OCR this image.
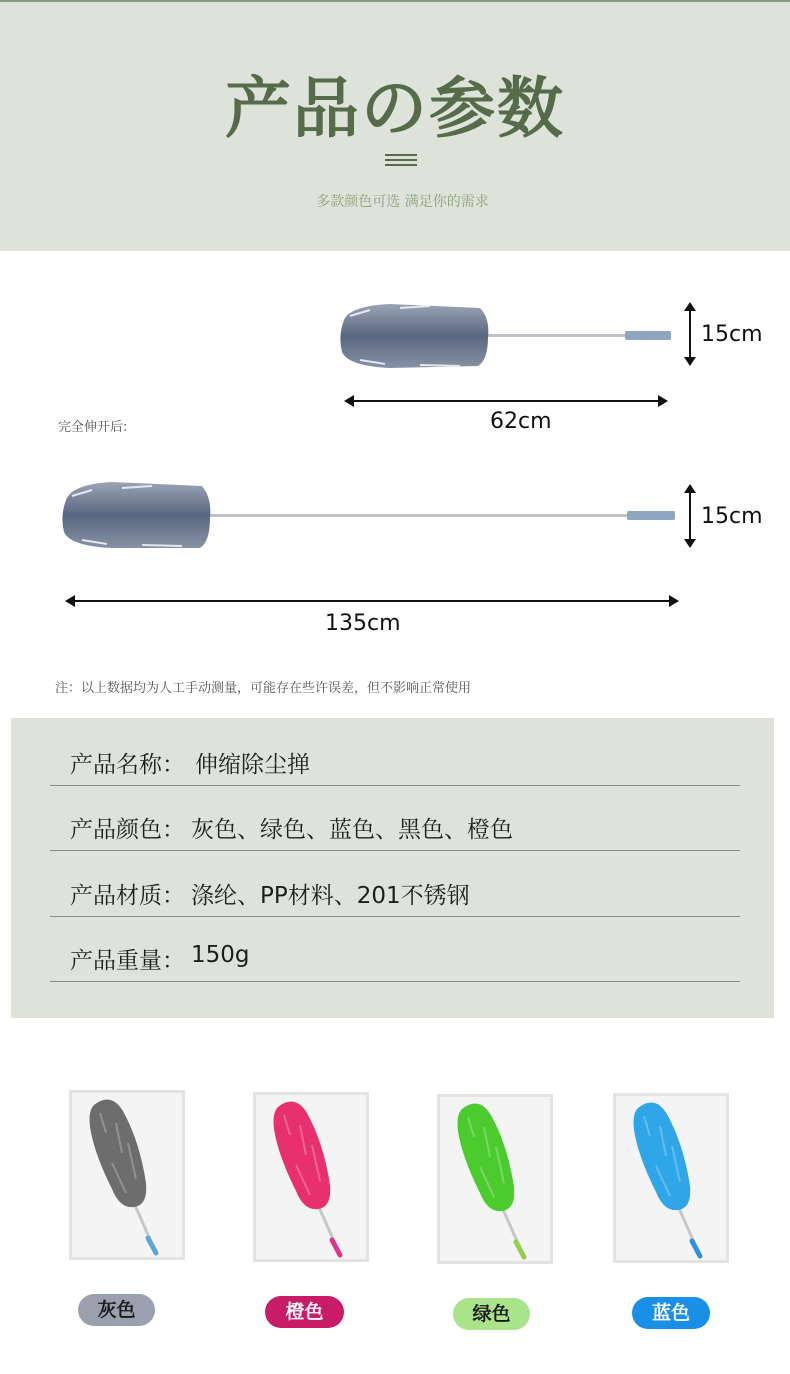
产品の参数
多款颜色可选 满足你的需求
15cm
62cm
完全伸开后:
15cm
135cm
注：以上数据均为人工手动测量，可能存在些许误差，但不影响正常使用
产品名称： 伸缩除尘掸
产品颜色： 灰色、绿色、蓝色、黑色、橙色
产品材质： 涤纶、PP材料、201不锈钢
产品重量： 150g
灰色	橙色	绿色	蓝色
